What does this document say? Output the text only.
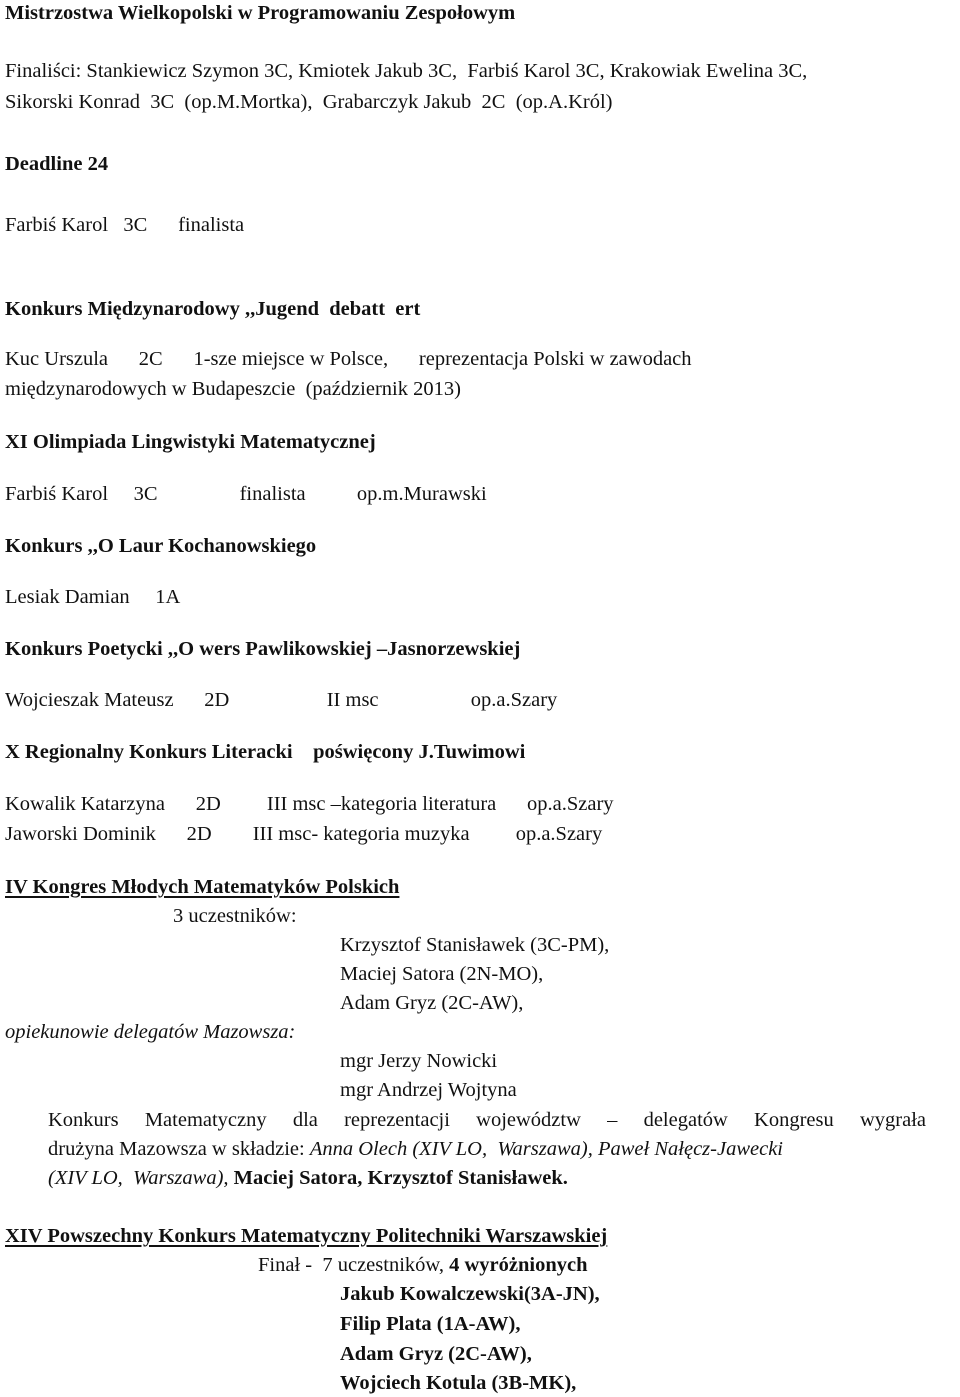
Mistrzostwa Wielkopolski w Programowaniu Zespołowym

Finaliści: Stankiewicz Szymon 3C, Kmiotek Jakub 3C,  Farbiś Karol 3C, Krakowiak Ewelina 3C,

Sikorski Konrad  3C  (op.M.Mortka),  Grabarczyk Jakub  2C  (op.A.Król)

Deadline 24

Farbiś Karol   3C      finalista

Konkurs Międzynarodowy ,,Jugend  debatt  ert

Kuc Urszula      2C      1-sze miejsce w Polsce,      reprezentacja Polski w zawodach

międzynarodowych w Budapeszcie  (październik 2013)

XI Olimpiada Lingwistyki Matematycznej

Farbiś Karol     3C                finalista          op.m.Murawski

Konkurs ,,O Laur Kochanowskiego

Lesiak Damian     1A

Konkurs Poetycki ,,O wers Pawlikowskiej –Jasnorzewskiej

Wojcieszak Mateusz      2D                   II msc                  op.a.Szary

X Regionalny Konkurs Literacki    poświęcony J.Tuwimowi

Kowalik Katarzyna      2D         III msc –kategoria literatura      op.a.Szary

Jaworski Dominik      2D        III msc- kategoria muzyka         op.a.Szary

IV Kongres Młodych Matematyków Polskich

3 uczestników:

Krzysztof Stanisławek (3C-PM),

Maciej Satora (2N-MO),

Adam Gryz (2C-AW),

opiekunowie delegatów Mazowsza:

mgr Jerzy Nowicki

mgr Andrzej Wojtyna

Konkurs Matematyczny dla reprezentacji województw – delegatów Kongresu wygrała

drużyna Mazowsza w składzie: Anna Olech (XIV LO,  Warszawa), Paweł Nałęcz-Jawecki

(XIV LO,  Warszawa), Maciej Satora, Krzysztof Stanisławek.

XIV Powszechny Konkurs Matematyczny Politechniki Warszawskiej

Finał -  7 uczestników, 4 wyróżnionych

Jakub Kowalczewski(3A-JN),

Filip Plata (1A-AW),

Adam Gryz (2C-AW),

Wojciech Kotula (3B-MK),
